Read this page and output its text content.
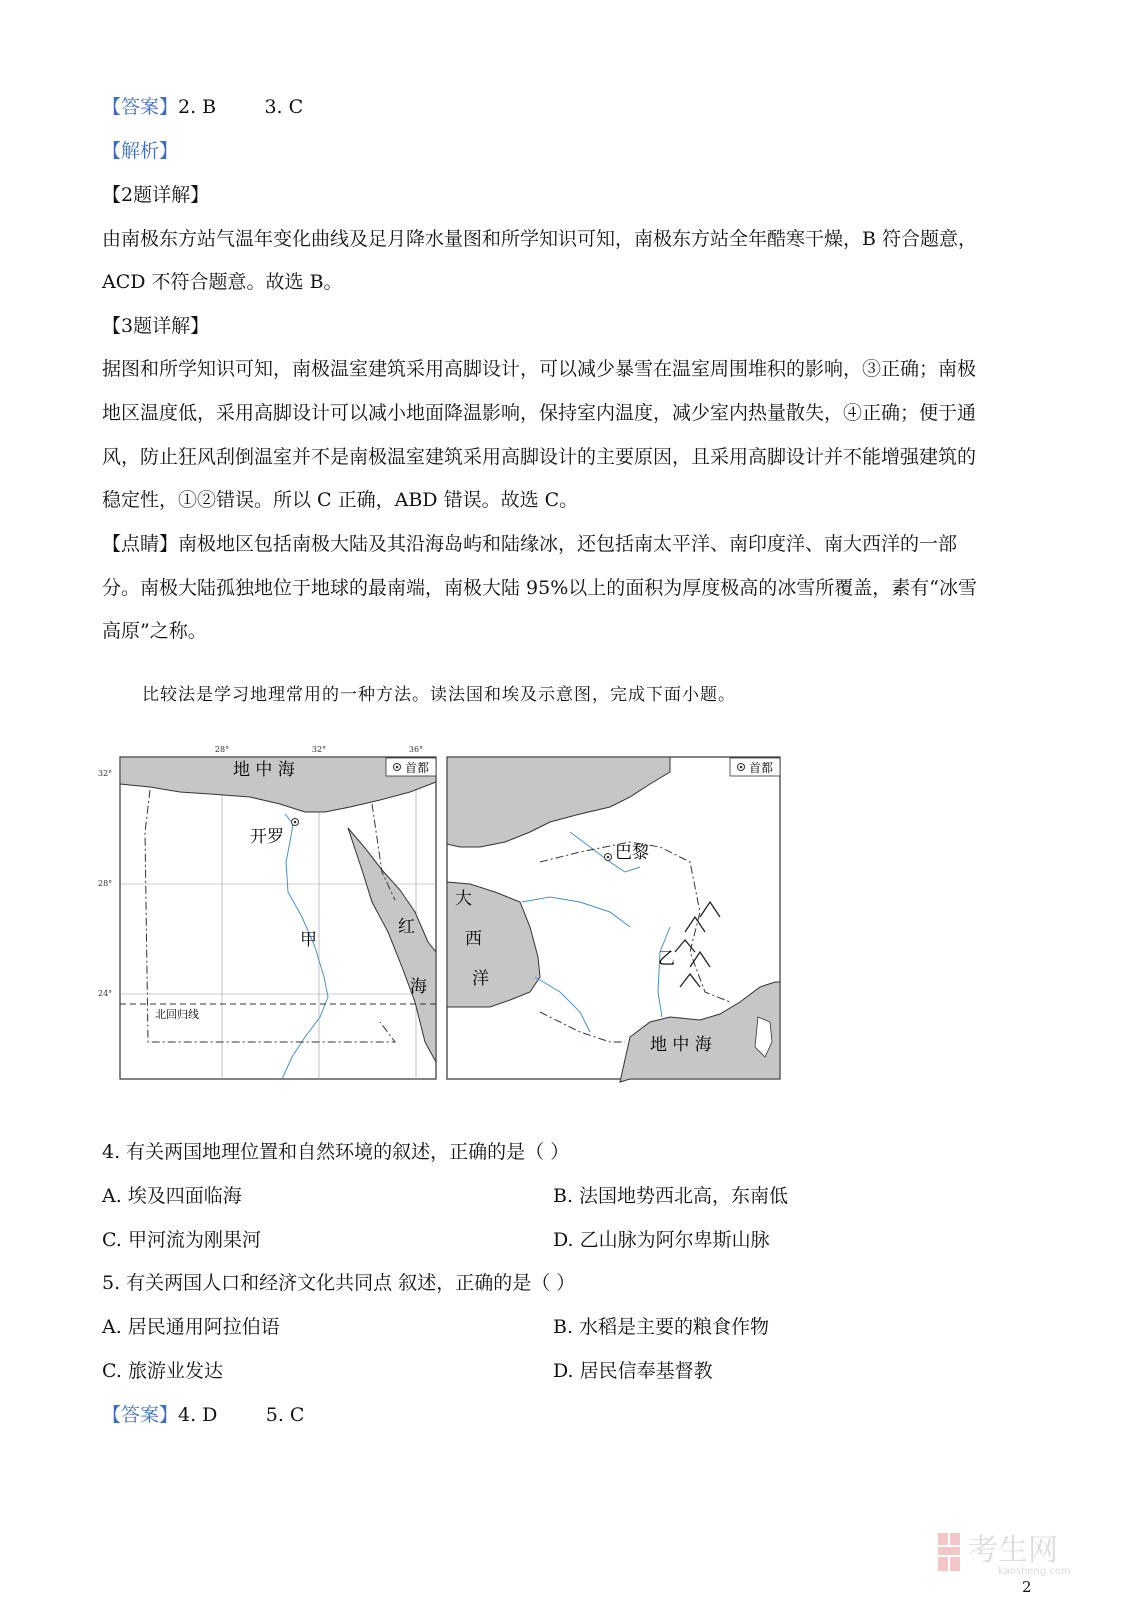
【答案】2. B        3. C
【解析】
【2题详解】
由南极东方站气温年变化曲线及足月降水量图和所学知识可知，南极东方站全年酷寒干燥，B 符合题意，
ACD 不符合题意。故选 B。
【3题详解】
据图和所学知识可知，南极温室建筑采用高脚设计，可以减少暴雪在温室周围堆积的影响，③正确；南极
地区温度低，采用高脚设计可以减小地面降温影响，保持室内温度，减少室内热量散失，④正确；便于通
风，防止狂风刮倒温室并不是南极温室建筑采用高脚设计的主要原因，且采用高脚设计并不能增强建筑的
稳定性，①②错误。所以 C 正确，ABD 错误。故选 C。
【点睛】南极地区包括南极大陆及其沿海岛屿和陆缘冰，还包括南太平洋、南印度洋、南大西洋的一部
分。南极大陆孤独地位于地球的最南端，南极大陆 95%以上的面积为厚度极高的冰雪所覆盖，素有“冰雪
高原”之称。
比较法是学习地理常用的一种方法。读法国和埃及示意图，完成下面小题。
28°	32°	36°
32°
28°
24°
首都
地 中 海
开罗
甲
红
海
北回归线
首都
巴黎
大
西
洋
乙
地 中 海
4. 有关两国地理位置和自然环境的叙述，正确的是（ ）
A. 埃及四面临海	B. 法国地势西北高，东南低
C. 甲河流为刚果河	D. 乙山脉为阿尔卑斯山脉
5. 有关两国人口和经济文化共同点 叙述，正确的是（ ）
A. 居民通用阿拉伯语	B. 水稻是主要的粮食作物
C. 旅游业发达	D. 居民信奉基督教
【答案】4. D        5. C
考生网
kaosheng.com
2
